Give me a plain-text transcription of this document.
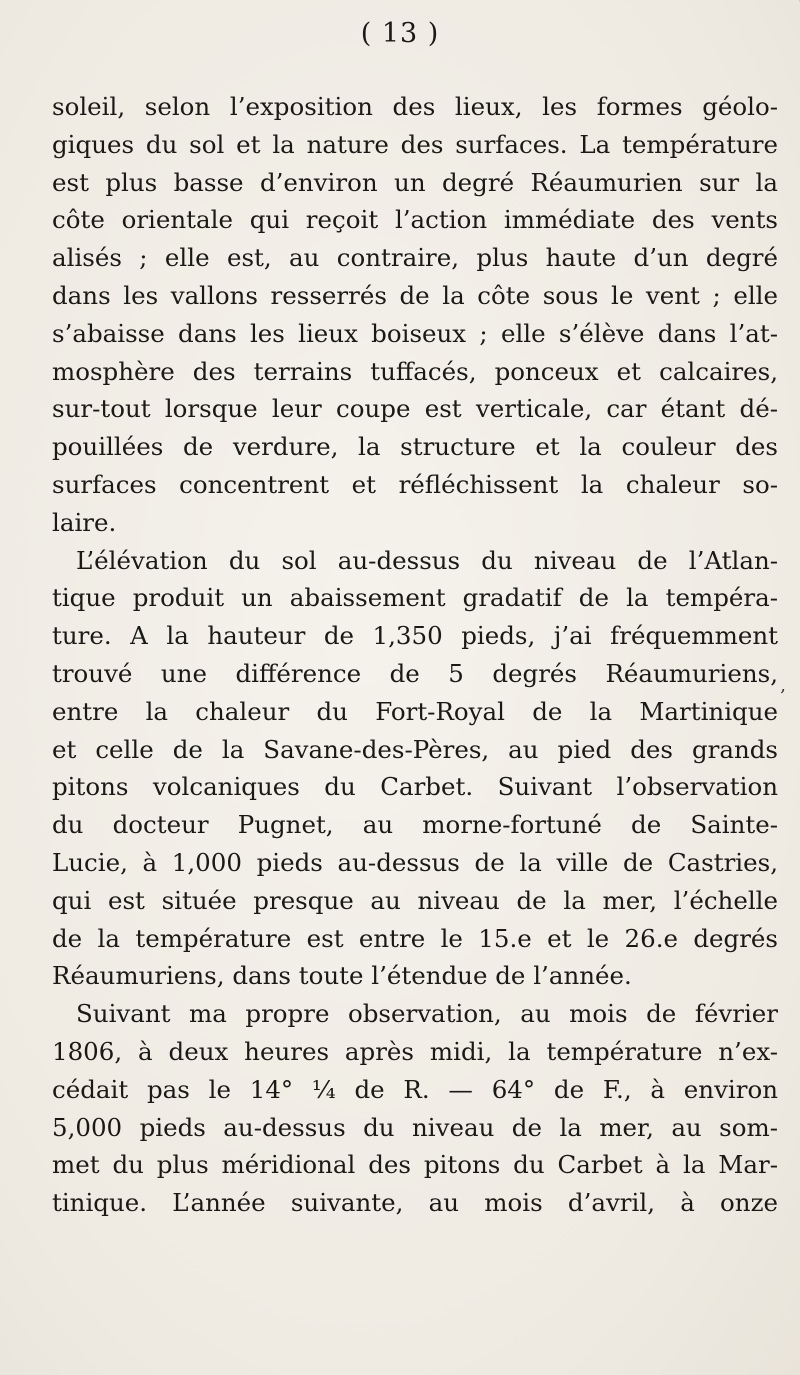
( 13 )
soleil, selon l’exposition des lieux, les formes géolo-
giques du sol et la nature des surfaces. La température
est plus basse d’environ un degré Réaumurien sur la
côte orientale qui reçoit l’action immédiate des vents
alisés ; elle est, au contraire, plus haute d’un degré
dans les vallons resserrés de la côte sous le vent ; elle
s’abaisse dans les lieux boiseux ; elle s’élève dans l’at-
mosphère des terrains tuffacés, ponceux et calcaires,
sur-tout lorsque leur coupe est verticale, car étant dé-
pouillées de verdure, la structure et la couleur des
surfaces concentrent et réfléchissent la chaleur so-
laire.
L’élévation du sol au-dessus du niveau de l’Atlan-
tique produit un abaissement gradatif de la tempéra-
ture. A la hauteur de 1,350 pieds, j’ai fréquemment
trouvé une différence de 5 degrés Réaumuriens,
entre la chaleur du Fort-Royal de la Martinique
et celle de la Savane-des-Pères, au pied des grands
pitons volcaniques du Carbet. Suivant l’observation
du docteur Pugnet, au morne-fortuné de Sainte-
Lucie, à 1,000 pieds au-dessus de la ville de Castries,
qui est située presque au niveau de la mer, l’échelle
de la température est entre le 15.e et le 26.e degrés
Réaumuriens, dans toute l’étendue de l’année.
Suivant ma propre observation, au mois de février
1806, à deux heures après midi, la température n’ex-
cédait pas le 14° ¼ de R. — 64° de F., à environ
5,000 pieds au-dessus du niveau de la mer, au som-
met du plus méridional des pitons du Carbet à la Mar-
tinique. L’année suivante, au mois d’avril, à onze
,
